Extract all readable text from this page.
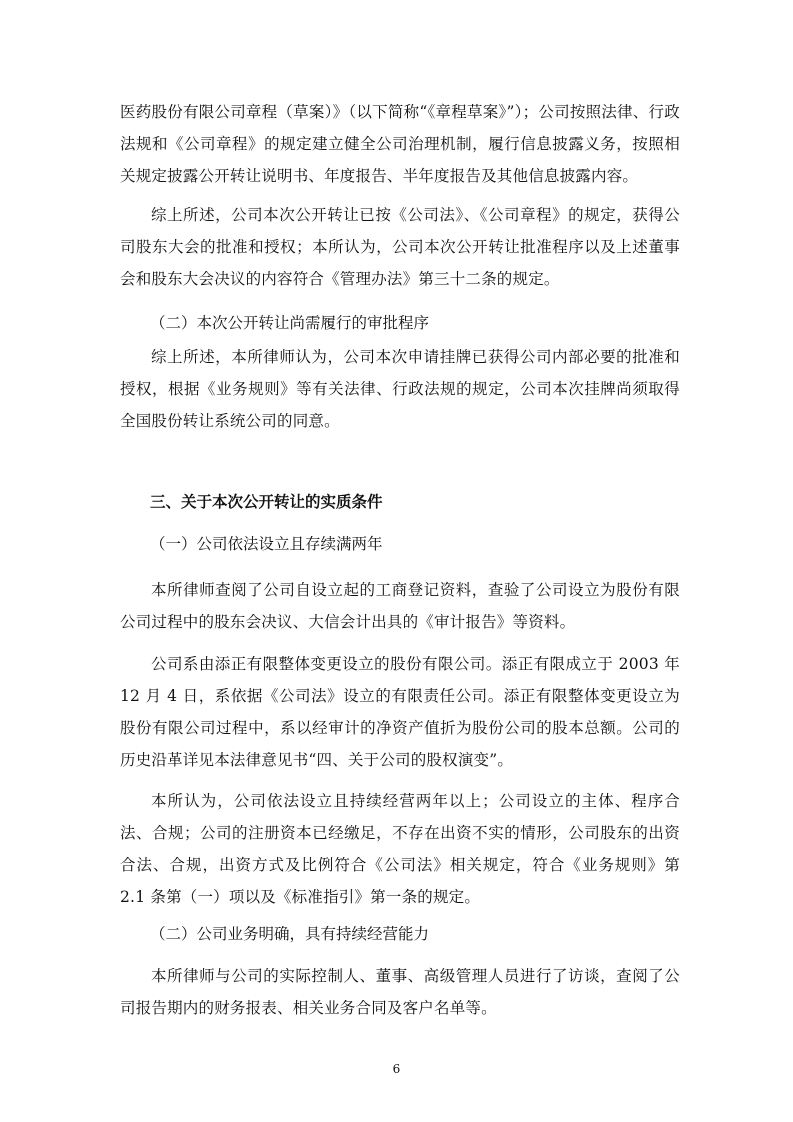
医药股份有限公司章程（草案）》（以下简称“《章程草案》”）；公司按照法律、行政法规和《公司章程》的规定建立健全公司治理机制，履行信息披露义务，按照相关规定披露公开转让说明书、年度报告、半年度报告及其他信息披露内容。

综上所述，公司本次公开转让已按《公司法》、《公司章程》的规定，获得公司股东大会的批准和授权；本所认为，公司本次公开转让批准程序以及上述董事会和股东大会决议的内容符合《管理办法》第三十二条的规定。

（二）本次公开转让尚需履行的审批程序

综上所述，本所律师认为，公司本次申请挂牌已获得公司内部必要的批准和授权，根据《业务规则》等有关法律、行政法规的规定，公司本次挂牌尚须取得全国股份转让系统公司的同意。

三、关于本次公开转让的实质条件

（一）公司依法设立且存续满两年

本所律师查阅了公司自设立起的工商登记资料，查验了公司设立为股份有限公司过程中的股东会决议、大信会计出具的《审计报告》等资料。

公司系由添正有限整体变更设立的股份有限公司。添正有限成立于 2003 年 12 月 4 日，系依据《公司法》设立的有限责任公司。添正有限整体变更设立为股份有限公司过程中，系以经审计的净资产值折为股份公司的股本总额。公司的历史沿革详见本法律意见书“四、关于公司的股权演变”。

本所认为，公司依法设立且持续经营两年以上；公司设立的主体、程序合法、合规；公司的注册资本已经缴足，不存在出资不实的情形，公司股东的出资合法、合规，出资方式及比例符合《公司法》相关规定，符合《业务规则》第 2.1 条第（一）项以及《标准指引》第一条的规定。

（二）公司业务明确，具有持续经营能力

本所律师与公司的实际控制人、董事、高级管理人员进行了访谈，查阅了公司报告期内的财务报表、相关业务合同及客户名单等。

6
